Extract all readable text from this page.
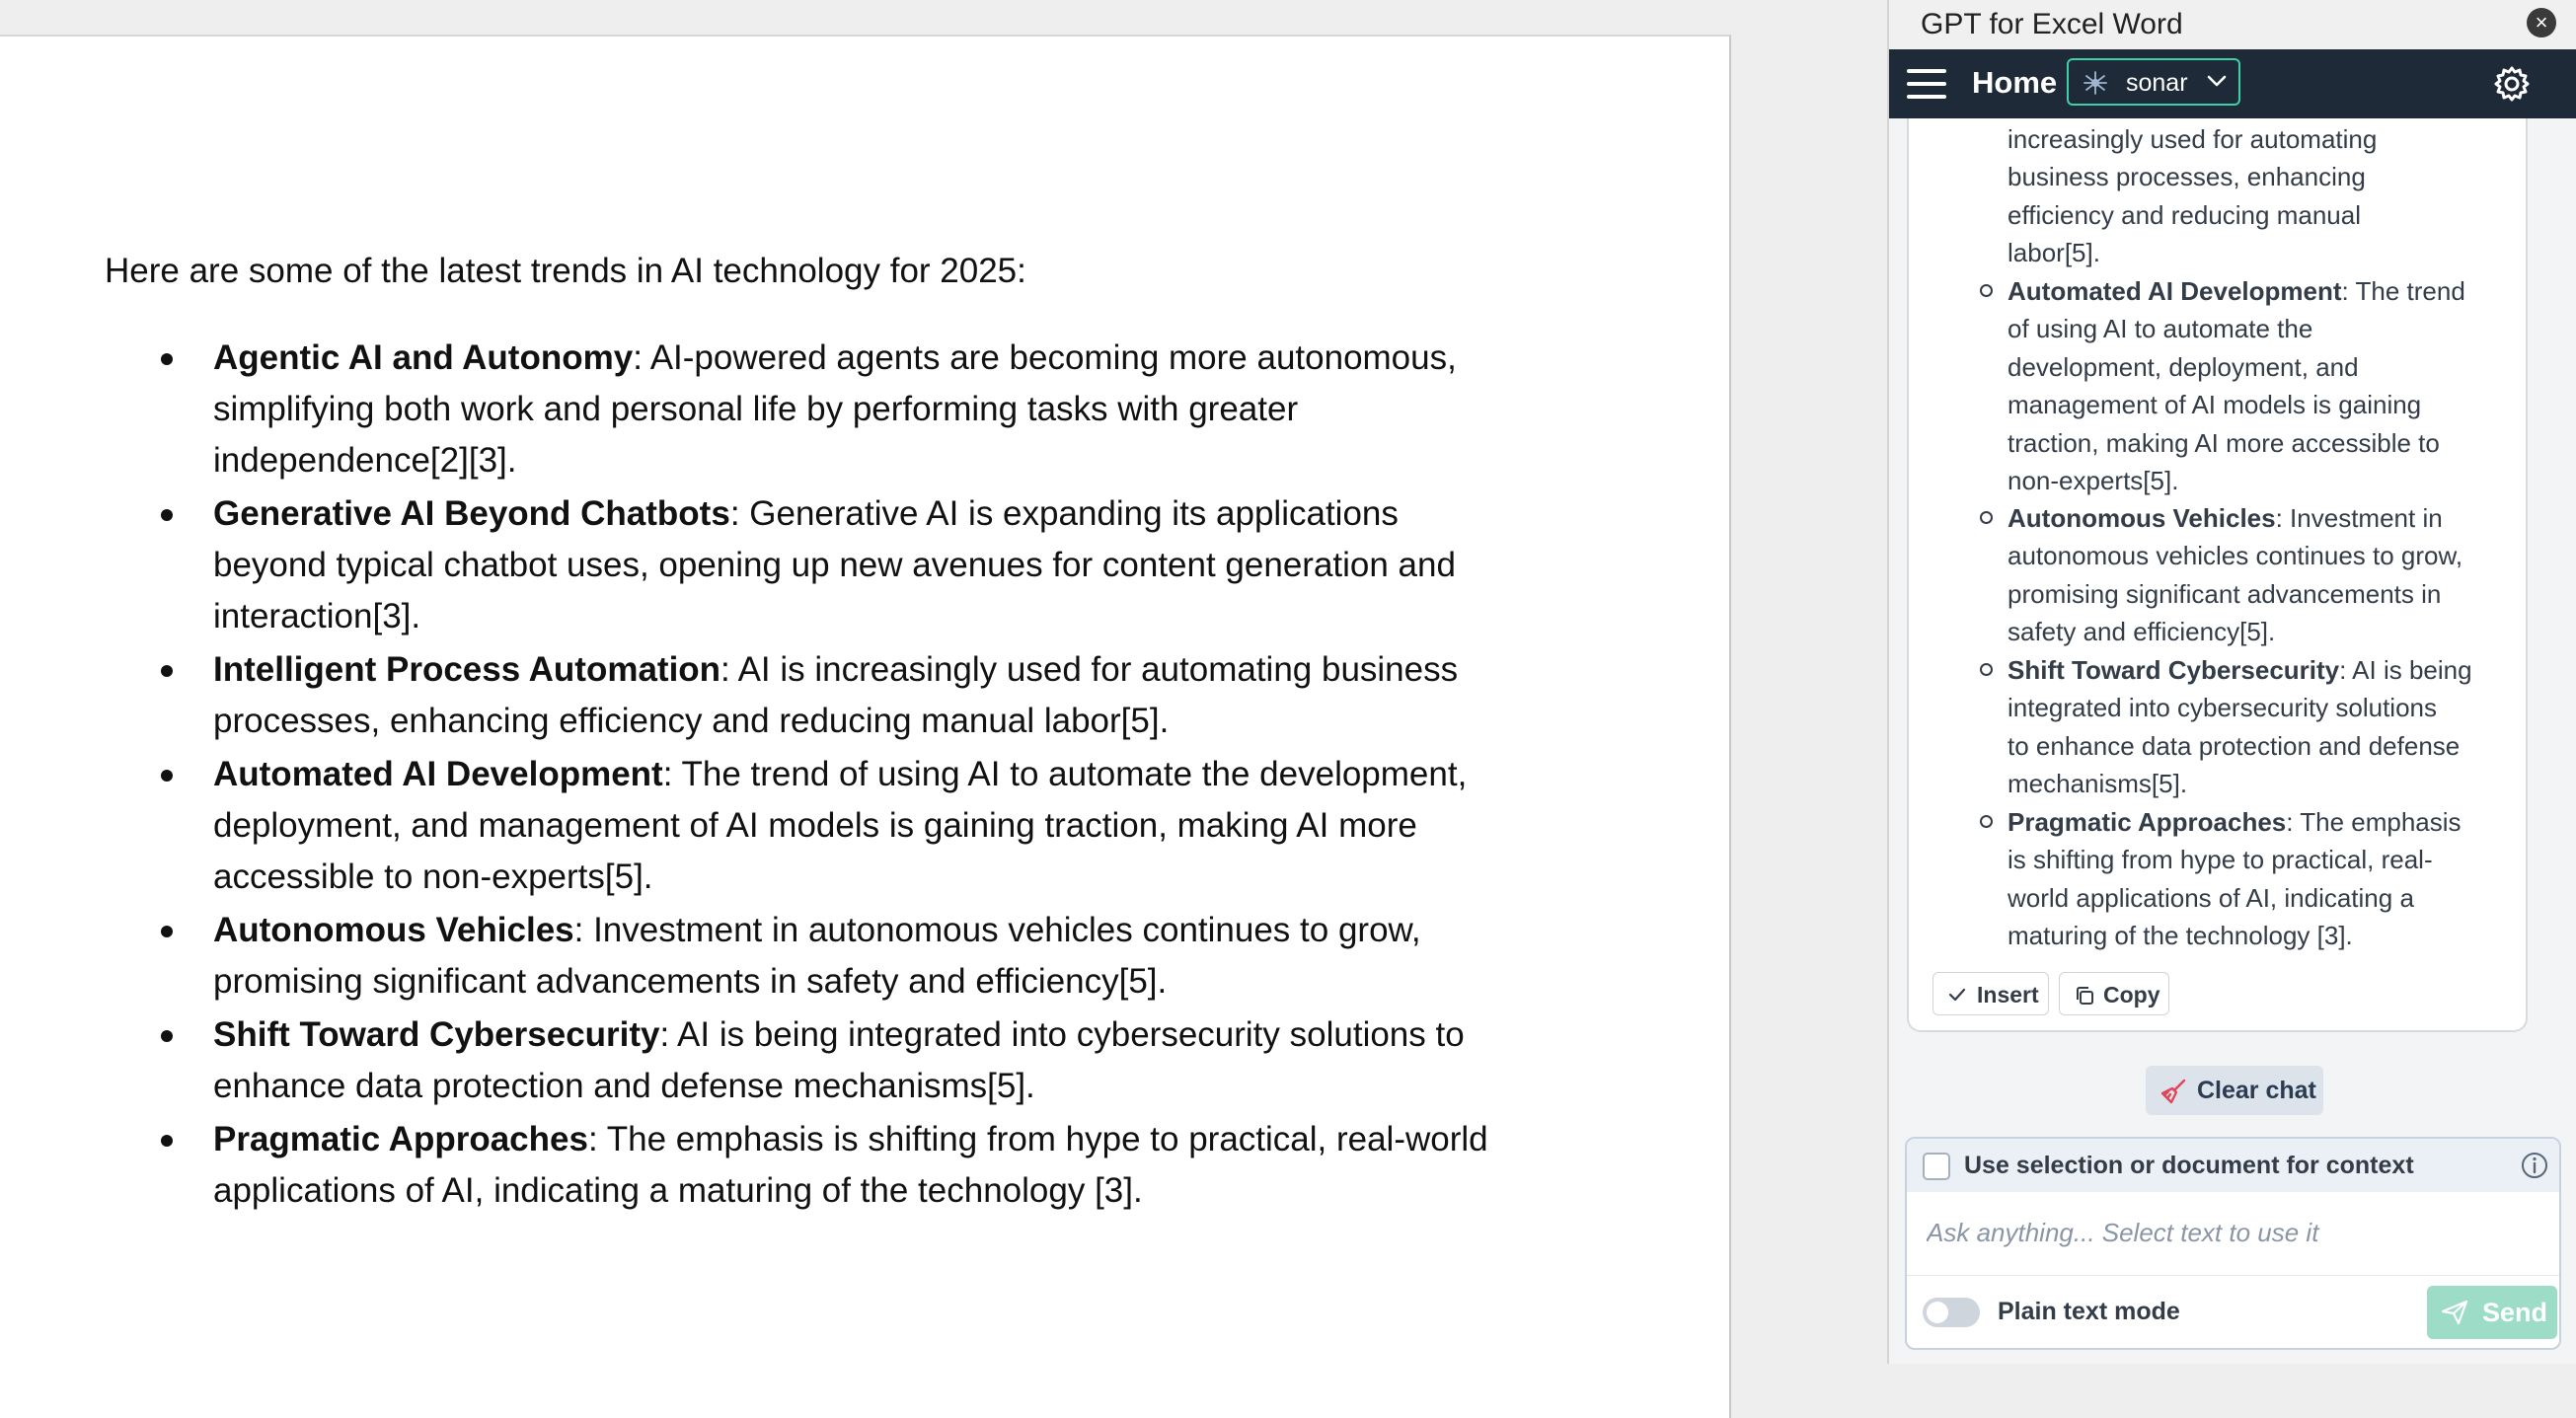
Here are some of the latest trends in AI technology for 2025:

Agentic AI and Autonomy: AI-powered agents are becoming more autonomous,
simplifying both work and personal life by performing tasks with greater
independence[2][3].
Generative AI Beyond Chatbots: Generative AI is expanding its applications
beyond typical chatbot uses, opening up new avenues for content generation and
interaction[3].
Intelligent Process Automation: AI is increasingly used for automating business
processes, enhancing efficiency and reducing manual labor[5].
Automated AI Development: The trend of using AI to automate the development,
deployment, and management of AI models is gaining traction, making AI more
accessible to non-experts[5].
Autonomous Vehicles: Investment in autonomous vehicles continues to grow,
promising significant advancements in safety and efficiency[5].
Shift Toward Cybersecurity: AI is being integrated into cybersecurity solutions to
enhance data protection and defense mechanisms[5].
Pragmatic Approaches: The emphasis is shifting from hype to practical, real-world
applications of AI, indicating a maturing of the technology [3].
GPT for Excel Word	×
Home	sonar
increasingly used for automating
business processes, enhancing
efficiency and reducing manual
labor[5].
Automated AI Development: The trend
of using AI to automate the
development, deployment, and
management of AI models is gaining
traction, making AI more accessible to
non-experts[5].
Autonomous Vehicles: Investment in
autonomous vehicles continues to grow,
promising significant advancements in
safety and efficiency[5].
Shift Toward Cybersecurity: AI is being
integrated into cybersecurity solutions
to enhance data protection and defense
mechanisms[5].
Pragmatic Approaches: The emphasis
is shifting from hype to practical, real-
world applications of AI, indicating a
maturing of the technology [3].
Insert	Copy
Clear chat
Use selection or document for context
Ask anything... Select text to use it
Plain text mode	Send
